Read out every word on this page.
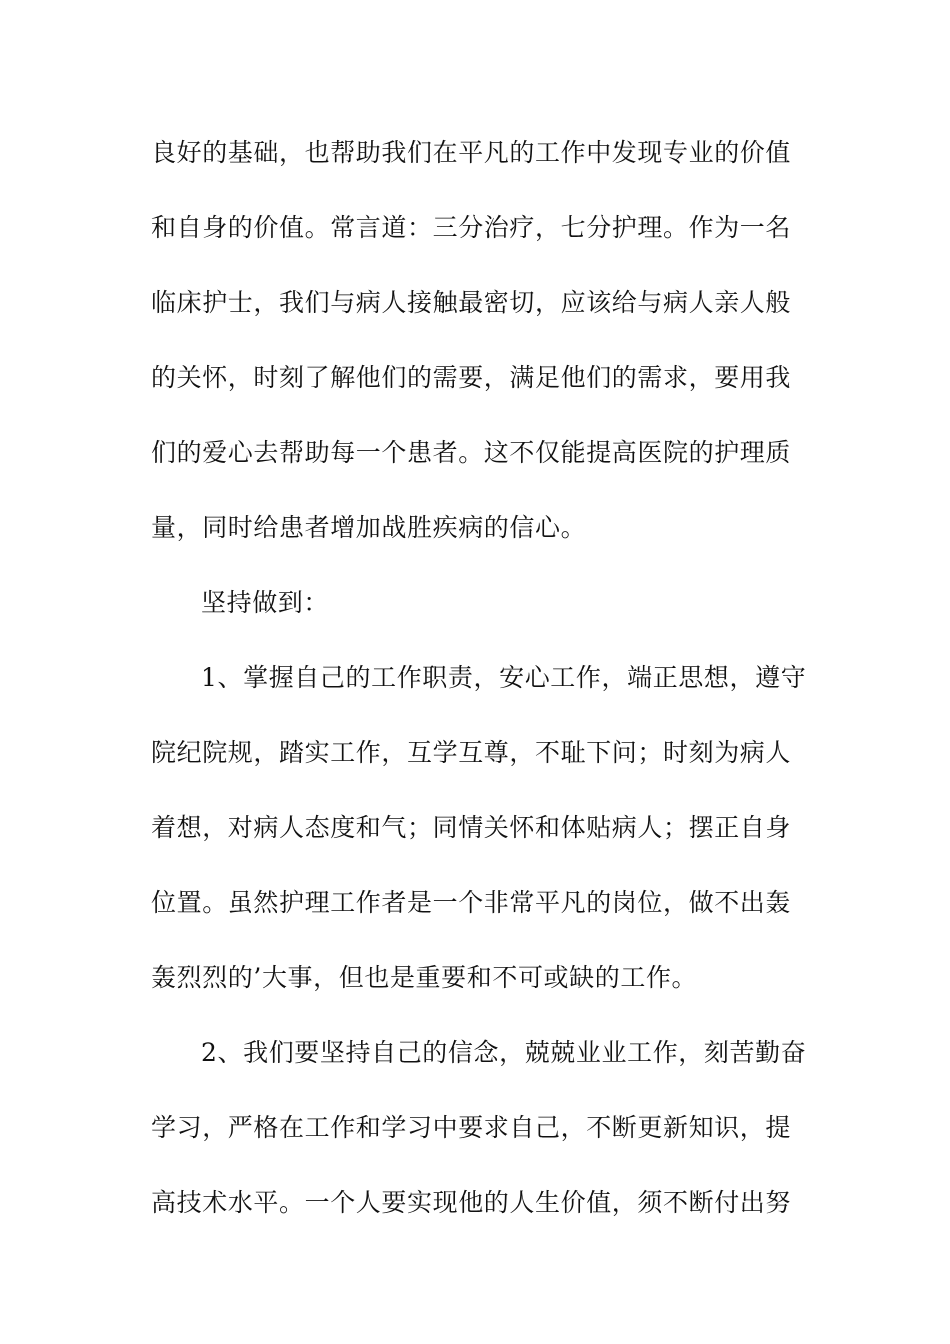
良好的基础，也帮助我们在平凡的工作中发现专业的价值
和自身的价值。常言道：三分治疗，七分护理。作为一名
临床护士，我们与病人接触最密切，应该给与病人亲人般
的关怀，时刻了解他们的需要，满足他们的需求，要用我
们的爱心去帮助每一个患者。这不仅能提高医院的护理质
量，同时给患者增加战胜疾病的信心。
坚持做到：
1、掌握自己的工作职责，安心工作，端正思想，遵守
院纪院规，踏实工作，互学互尊，不耻下问；时刻为病人
着想，对病人态度和气；同情关怀和体贴病人；摆正自身
位置。虽然护理工作者是一个非常平凡的岗位，做不出轰
轰烈烈的’大事，但也是重要和不可或缺的工作。
2、我们要坚持自己的信念，兢兢业业工作，刻苦勤奋
学习，严格在工作和学习中要求自己，不断更新知识，提
高技术水平。一个人要实现他的人生价值，须不断付出努
